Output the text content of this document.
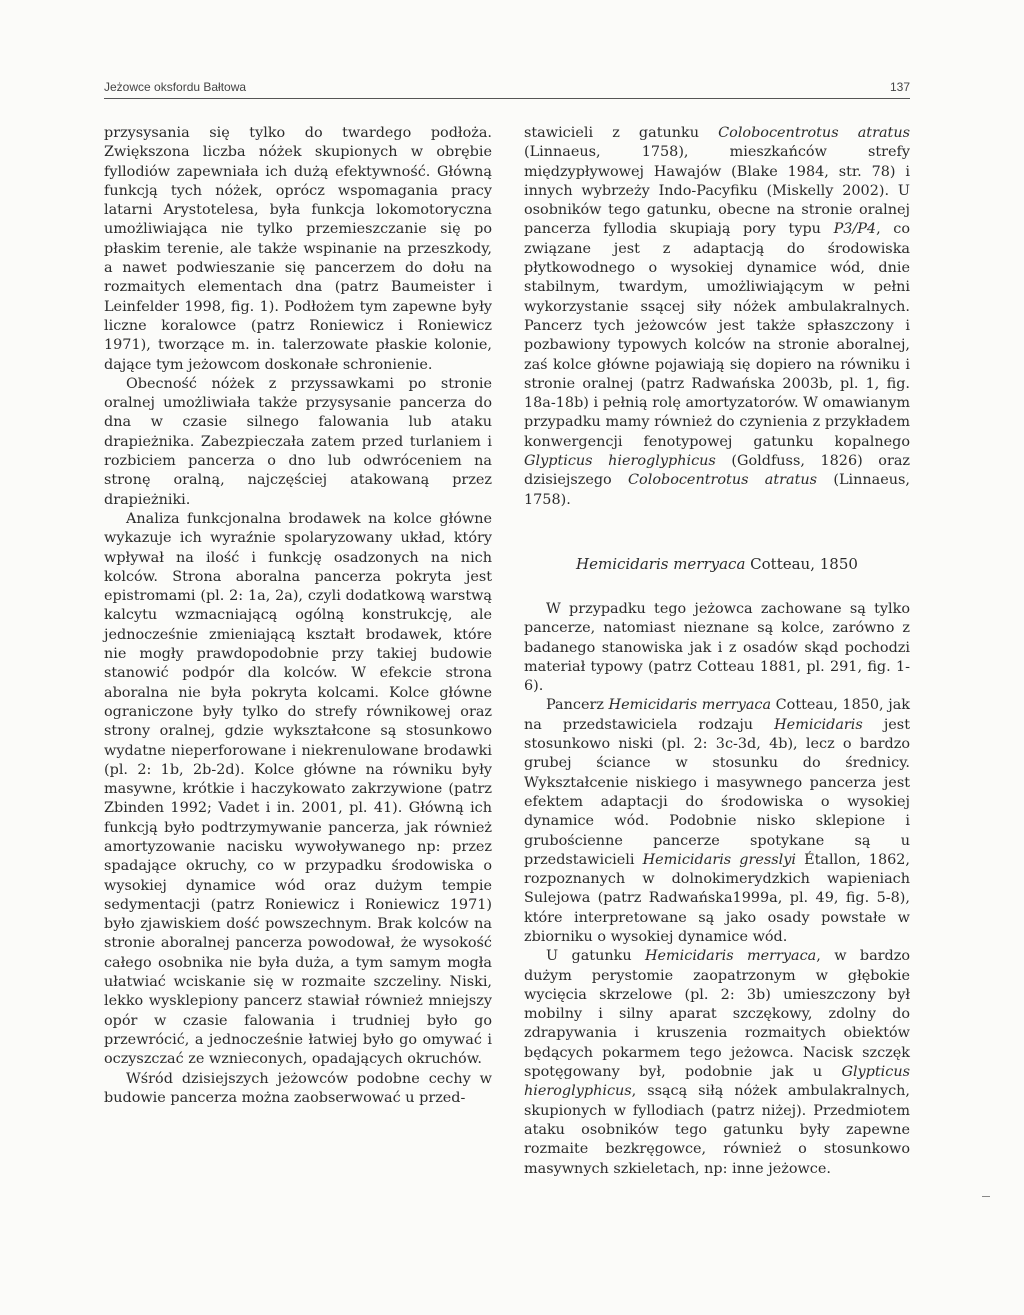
Jeżowce oksfordu Bałtowa	137

przysysania się tylko do twardego podłoża. Zwiększona liczba nóżek skupionych w obrębie fyllodiów zapewniała ich dużą efektywność. Główną funkcją tych nóżek, oprócz wspomagania pracy latarni Arystotelesa, była funkcja lokomotoryczna umożliwiająca nie tylko przemieszczanie się po płaskim terenie, ale także wspinanie na przeszkody, a nawet podwieszanie się pancerzem do dołu na rozmaitych elementach dna (patrz Baumeister i Leinfelder 1998, fig. 1). Podłożem tym zapewne były liczne koralowce (patrz Roniewicz i Roniewicz 1971), tworzące m. in. talerzowate płaskie kolonie, dające tym jeżowcom doskonałe schronienie.

Obecność nóżek z przyssawkami po stronie oralnej umożliwiała także przysysanie pancerza do dna w czasie silnego falowania lub ataku drapieżnika. Zabezpieczała zatem przed turlaniem i rozbiciem pancerza o dno lub odwróceniem na stronę oralną, najczęściej atakowaną przez drapieżniki.

Analiza funkcjonalna brodawek na kolce główne wykazuje ich wyraźnie spolaryzowany układ, który wpływał na ilość i funkcję osadzonych na nich kolców. Strona aboralna pancerza pokryta jest epistromami (pl. 2: 1a, 2a), czyli dodatkową warstwą kalcytu wzmacniającą ogólną konstrukcję, ale jednocześnie zmieniającą kształt brodawek, które nie mogły prawdopodobnie przy takiej budowie stanowić podpór dla kolców. W efekcie strona aboralna nie była pokryta kolcami. Kolce główne ograniczone były tylko do strefy równikowej oraz strony oralnej, gdzie wykształcone są stosunkowo wydatne nieperforowane i niekrenulowane brodawki (pl. 2: 1b, 2b-2d). Kolce główne na równiku były masywne, krótkie i haczykowato zakrzywione (patrz Zbinden 1992; Vadet i in. 2001, pl. 41). Główną ich funkcją było podtrzymywanie pancerza, jak również amortyzowanie nacisku wywoływanego np: przez spadające okruchy, co w przypadku środowiska o wysokiej dynamice wód oraz dużym tempie sedymentacji (patrz Roniewicz i Roniewicz 1971) było zjawiskiem dość powszechnym. Brak kolców na stronie aboralnej pancerza powodował, że wysokość całego osobnika nie była duża, a tym samym mogła ułatwiać wciskanie się w rozmaite szczeliny. Niski, lekko wysklepiony pancerz stawiał również mniejszy opór w czasie falowania i trudniej było go przewrócić, a jednocześnie łatwiej było go omywać i oczyszczać ze wznieconych, opadających okruchów.

Wśród dzisiejszych jeżowców podobne cechy w budowie pancerza można zaobserwować u przed-

stawicieli z gatunku Colobocentrotus atratus (Linnaeus, 1758), mieszkańców strefy międzypływowej Hawajów (Blake 1984, str. 78) i innych wybrzeży Indo-Pacyfiku (Miskelly 2002). U osobników tego gatunku, obecne na stronie oralnej pancerza fyllodia skupiają pory typu P3/P4, co związane jest z adaptacją do środowiska płytkowodnego o wysokiej dynamice wód, dnie stabilnym, twardym, umożliwiającym w pełni wykorzystanie ssącej siły nóżek ambulakralnych. Pancerz tych jeżowców jest także spłaszczony i pozbawiony typowych kolców na stronie aboralnej, zaś kolce główne pojawiają się dopiero na równiku i stronie oralnej (patrz Radwańska 2003b, pl. 1, fig. 18a-18b) i pełnią rolę amortyzatorów. W omawianym przypadku mamy również do czynienia z przykładem konwergencji fenotypowej gatunku kopalnego Glypticus hieroglyphicus (Goldfuss, 1826) oraz dzisiejszego Colobocentrotus atratus (Linnaeus, 1758).

Hemicidaris merryaca Cotteau, 1850

W przypadku tego jeżowca zachowane są tylko pancerze, natomiast nieznane są kolce, zarówno z badanego stanowiska jak i z osadów skąd pochodzi materiał typowy (patrz Cotteau 1881, pl. 291, fig. 1-6).

Pancerz Hemicidaris merryaca Cotteau, 1850, jak na przedstawiciela rodzaju Hemicidaris jest stosunkowo niski (pl. 2: 3c-3d, 4b), lecz o bardzo grubej ściance w stosunku do średnicy. Wykształcenie niskiego i masywnego pancerza jest efektem adaptacji do środowiska o wysokiej dynamice wód. Podobnie nisko sklepione i grubościenne pancerze spotykane są u przedstawicieli Hemicidaris gresslyi Étallon, 1862, rozpoznanych w dolnokimerydzkich wapieniach Sulejowa (patrz Radwańska1999a, pl. 49, fig. 5-8), które interpretowane są jako osady powstałe w zbiorniku o wysokiej dynamice wód.

U gatunku Hemicidaris merryaca, w bardzo dużym perystomie zaopatrzonym w głębokie wycięcia skrzelowe (pl. 2: 3b) umieszczony był mobilny i silny aparat szczękowy, zdolny do zdrapywania i kruszenia rozmaitych obiektów będących pokarmem tego jeżowca. Nacisk szczęk spotęgowany był, podobnie jak u Glypticus hieroglyphicus, ssącą siłą nóżek ambulakralnych, skupionych w fyllodiach (patrz niżej). Przedmiotem ataku osobników tego gatunku były zapewne rozmaite bezkręgowce, również o stosunkowo masywnych szkieletach, np: inne jeżowce.
